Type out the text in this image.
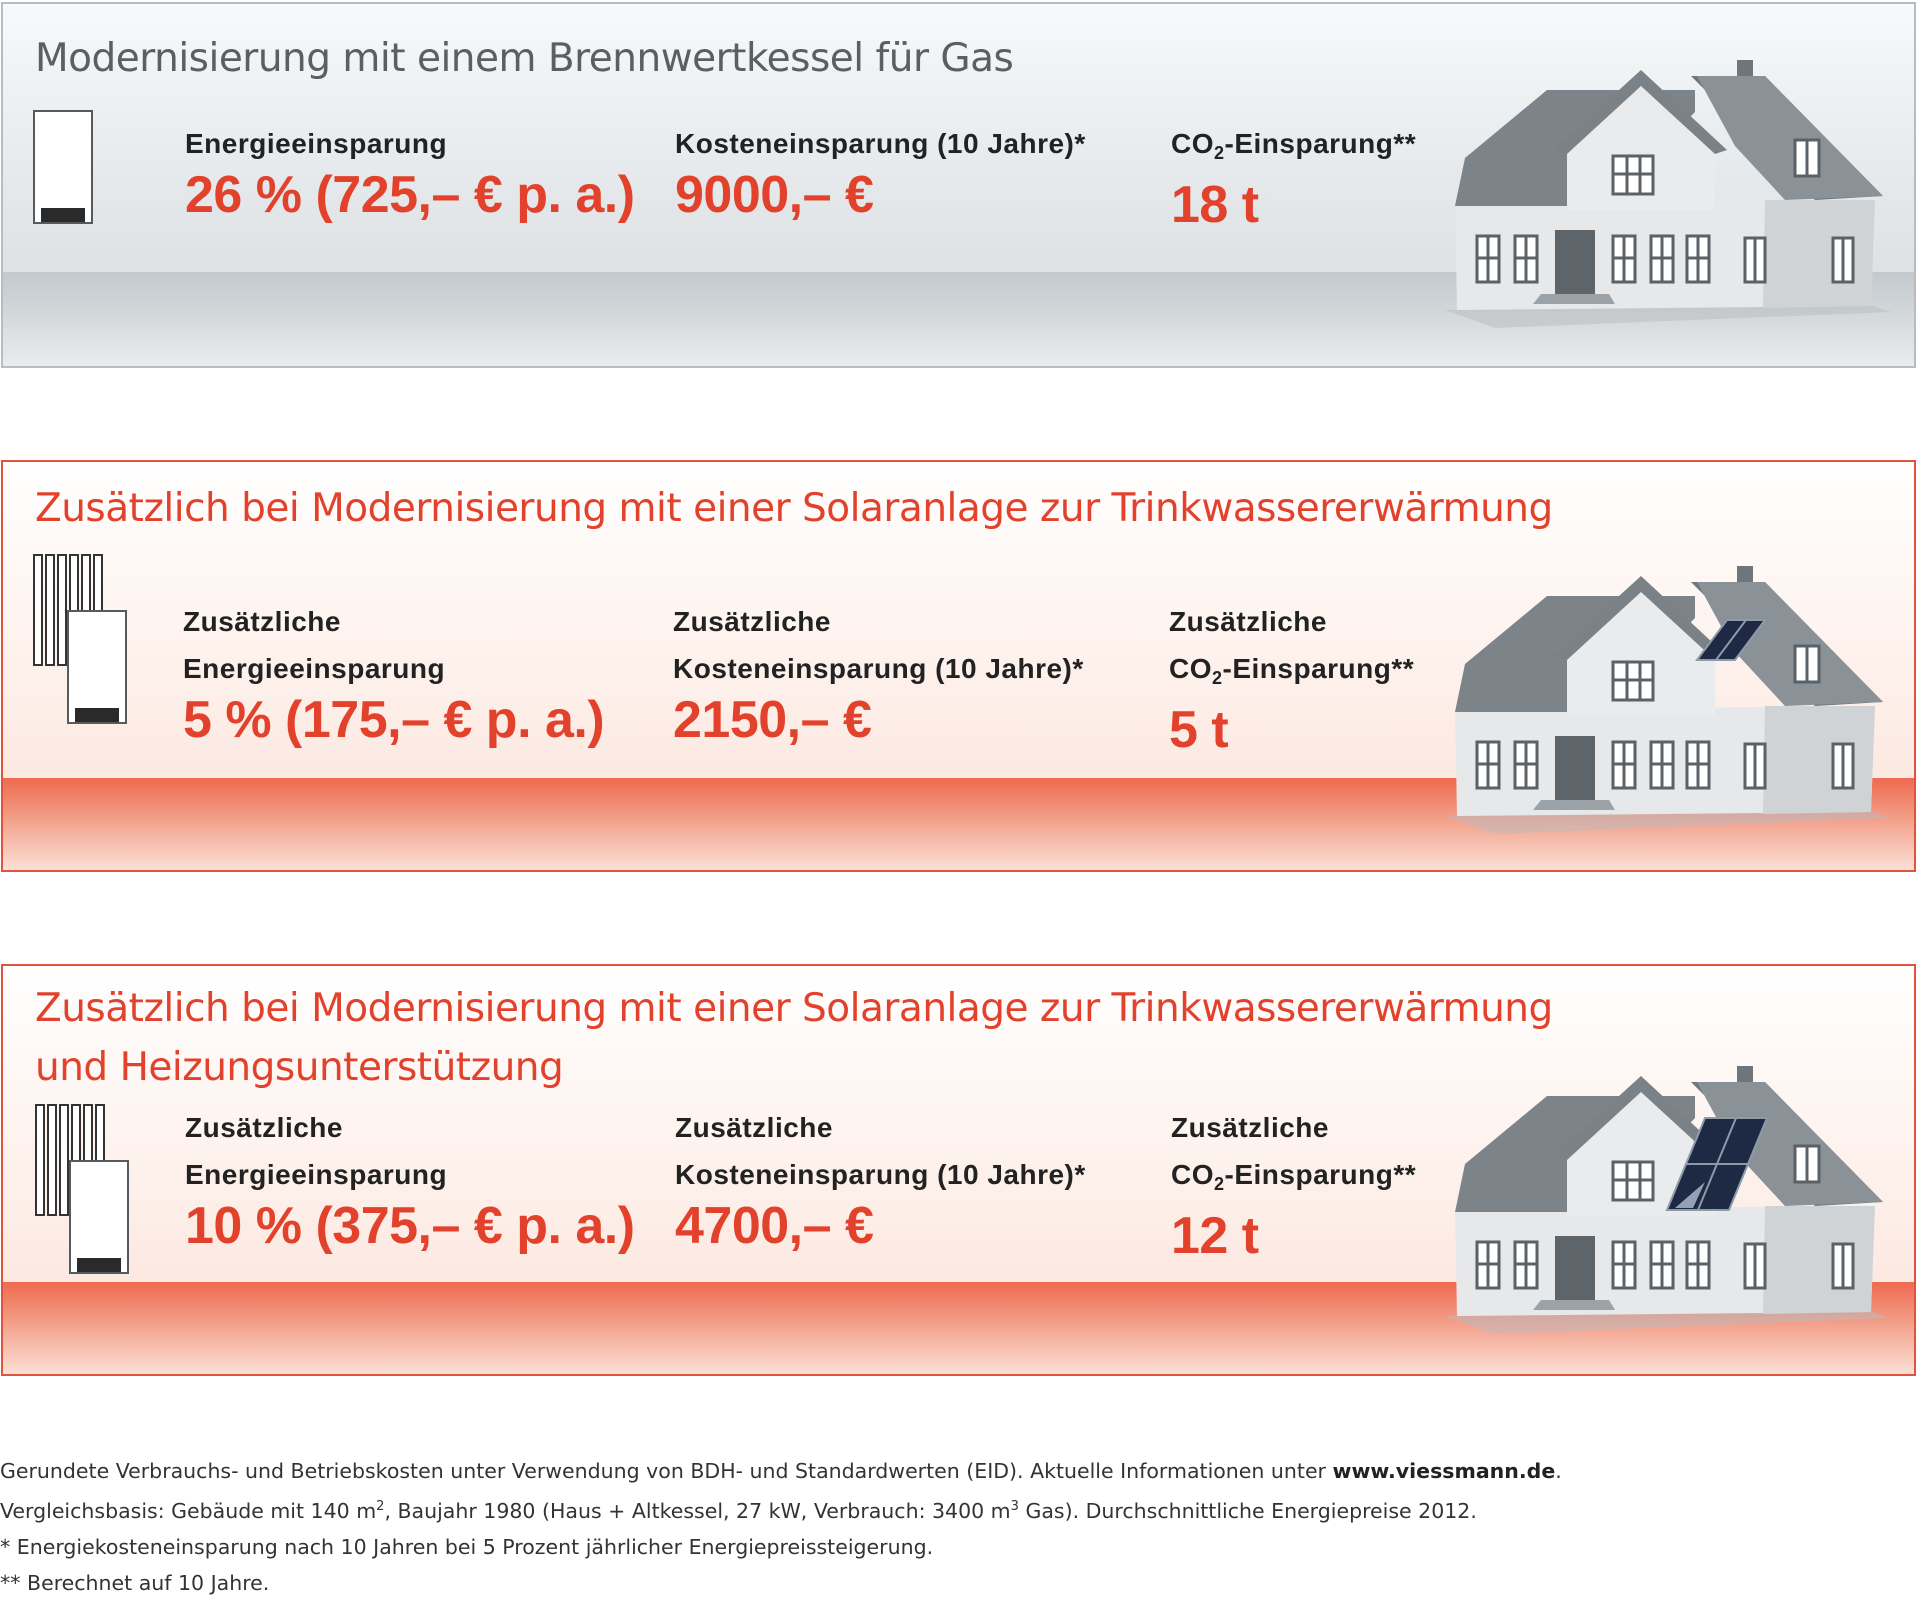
Modernisierung mit einem Brennwertkessel für Gas
Energieeinsparung
26 % (725,– € p. a.)
Kosteneinsparung (10 Jahre)*
9000,– €
$CO_2-Einsparung**$
18 t
Zusätzlich bei Modernisierung mit einer Solaranlage zur Trinkwassererwärmung
Zusätzliche
Energieeinsparung
5 % (175,– € p. a.)
Zusätzliche
Kosteneinsparung (10 Jahre)*
2150,– €
Zusätzliche
$CO_2-Einsparung**$
5 t
Zusätzlich bei Modernisierung mit einer Solaranlage zur Trinkwassererwärmung
und Heizungsunterstützung
Zusätzliche
Energieeinsparung
10 % (375,– € p. a.)
Zusätzliche
Kosteneinsparung (10 Jahre)*
4700,– €
Zusätzliche
$CO_2-Einsparung**$
12 t

Gerundete Verbrauchs- und Betriebskosten unter Verwendung von BDH- und Standardwerten (EID). Aktuelle Informationen unter www.viessmann.de.

Vergleichsbasis: Gebäude mit 140 $m^2$, Baujahr 1980 (Haus + Altkessel, 27 kW, Verbrauch: 3400 $m^3$ Gas). Durchschnittliche Energiepreise 2012.

* Energiekosteneinsparung nach 10 Jahren bei 5 Prozent jährlicher Energiepreissteigerung.

** Berechnet auf 10 Jahre.
